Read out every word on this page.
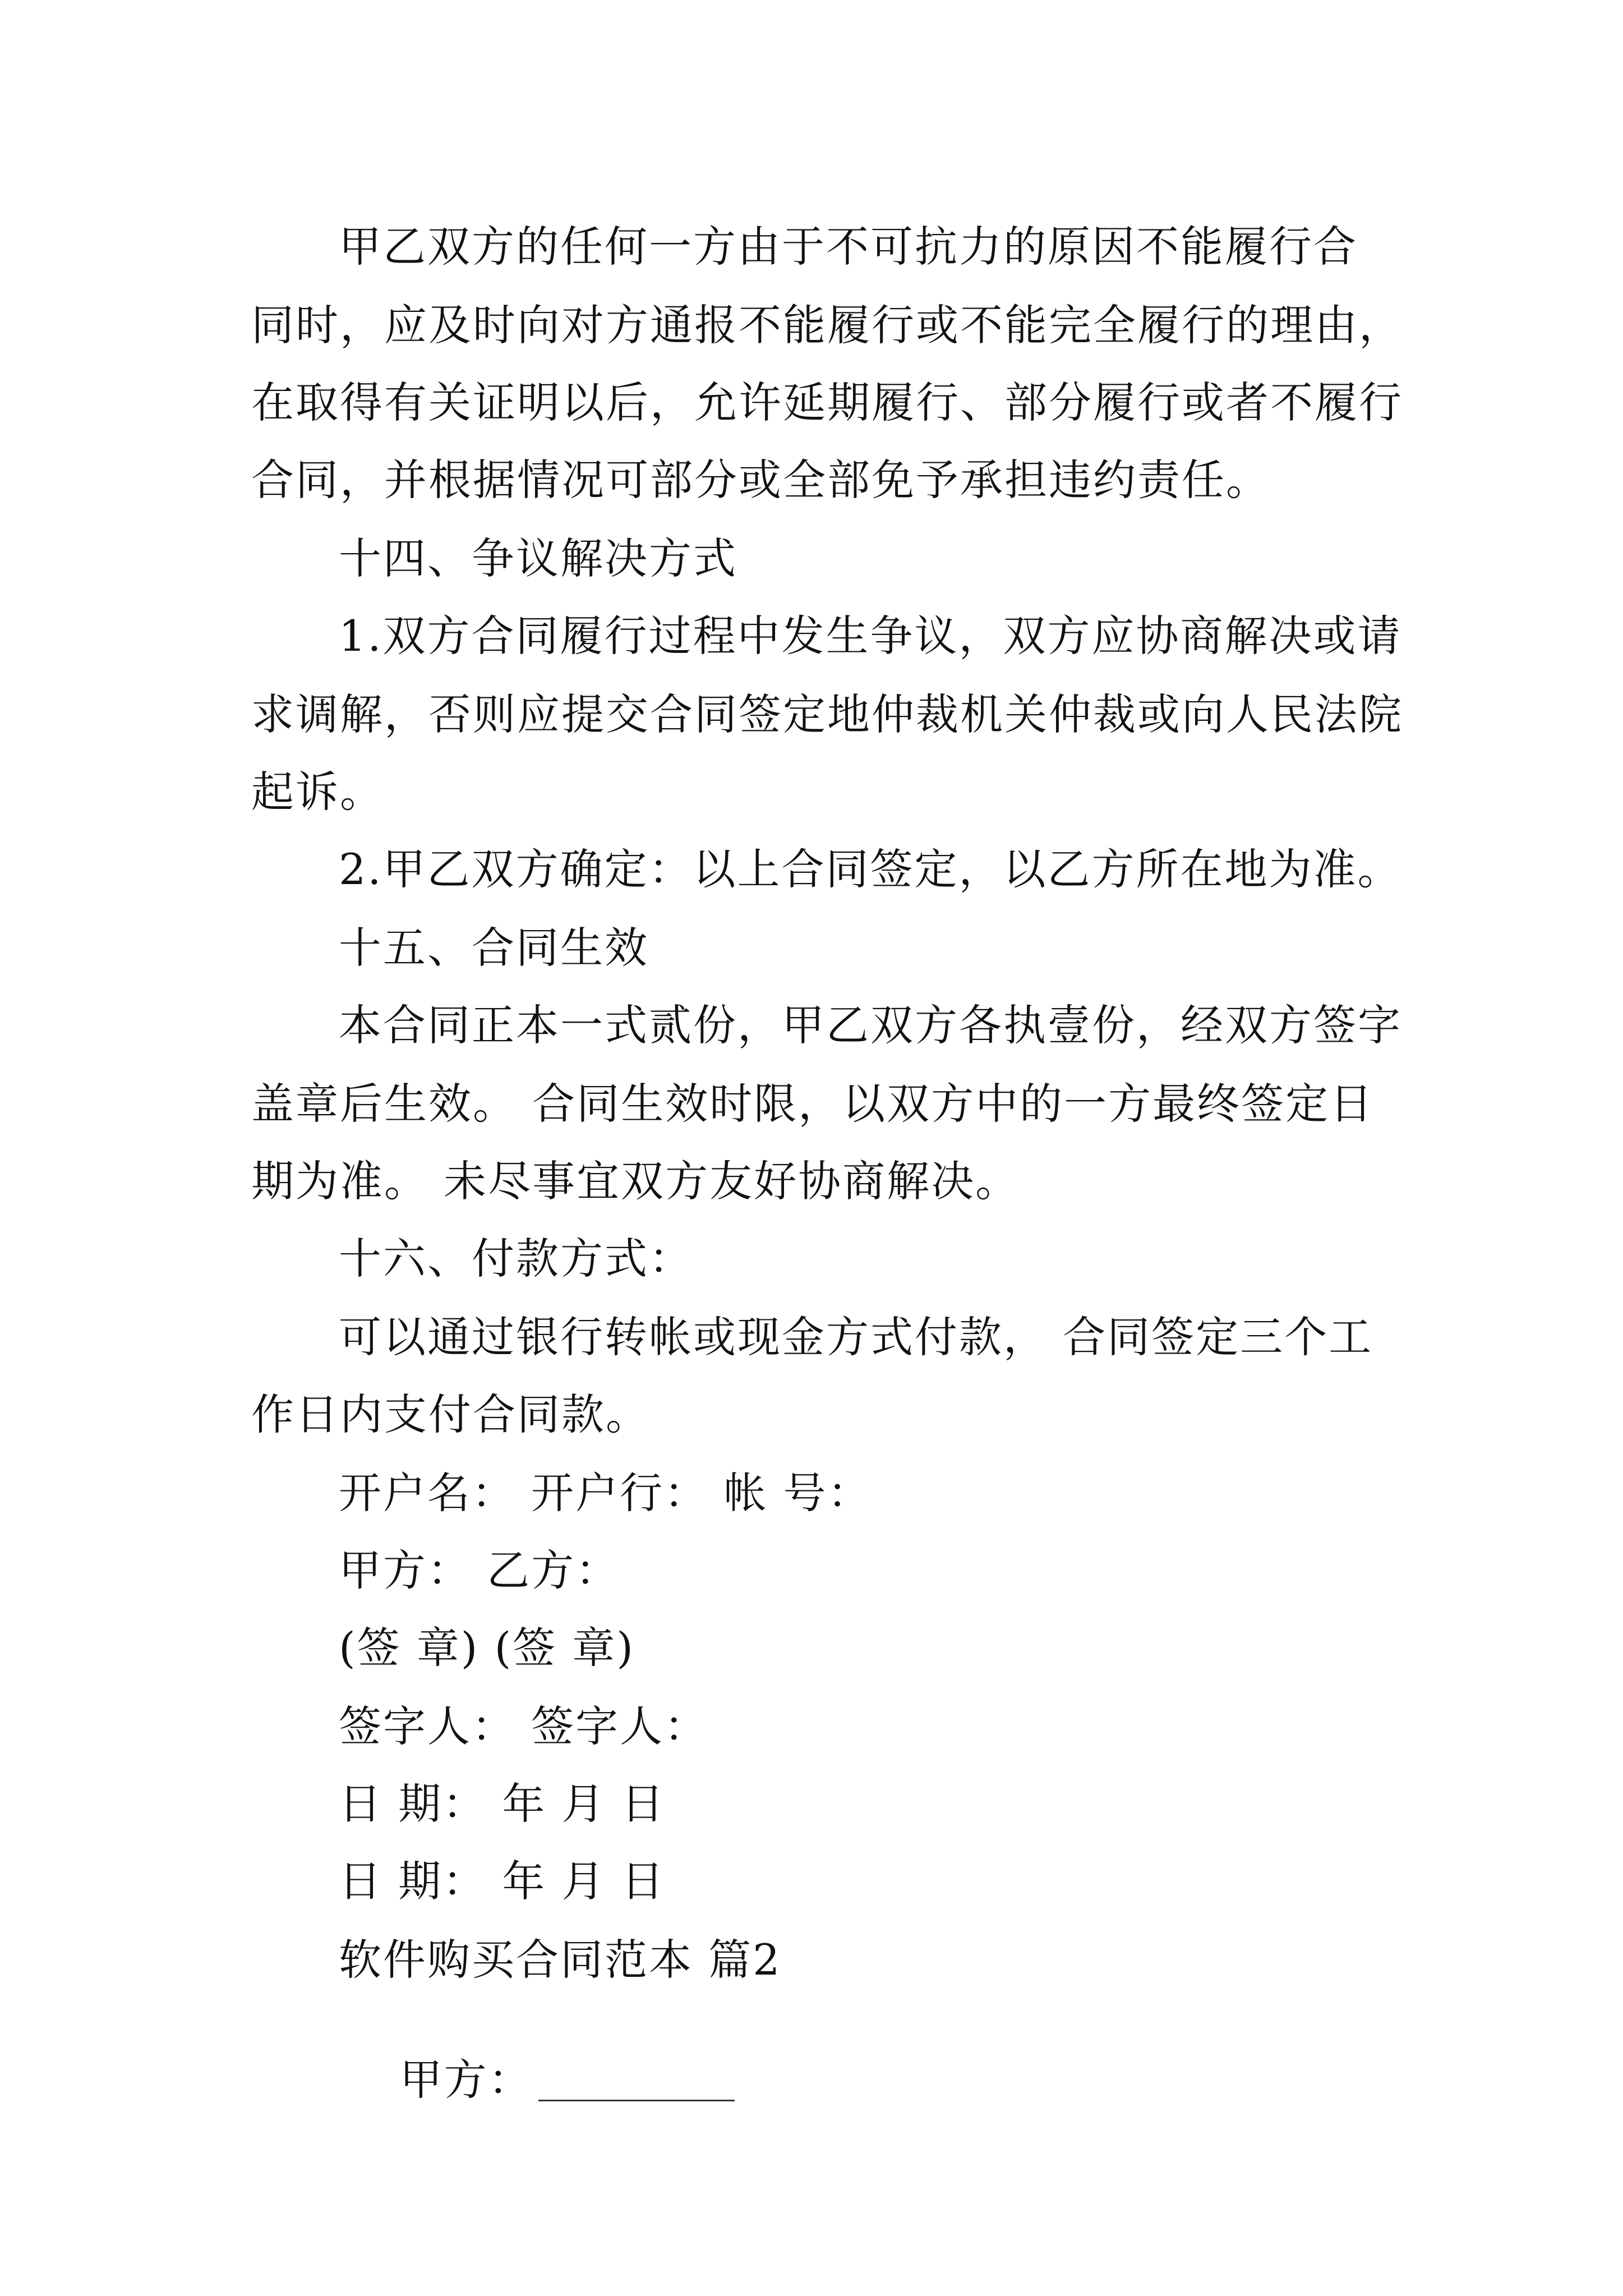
甲乙双方的任何一方由于不可抗力的原因不能履行合
同时，应及时向对方通报不能履行或不能完全履行的理由，
在取得有关证明以后，允许延期履行、部分履行或者不履行
合同，并根据情况可部分或全部免予承担违约责任。
十四、争议解决方式
1.双方合同履行过程中发生争议，双方应协商解决或请
求调解，否则应提交合同签定地仲裁机关仲裁或向人民法院
起诉。
2.甲乙双方确定：以上合同签定，以乙方所在地为准。
十五、合同生效
本合同正本一式贰份，甲乙双方各执壹份，经双方签字
盖章后生效。 合同生效时限，以双方中的一方最终签定日
期为准。 未尽事宜双方友好协商解决。
十六、付款方式：
可以通过银行转帐或现金方式付款， 合同签定三个工
作日内支付合同款。
开户名： 开户行： 帐 号：
甲方： 乙方：
(签 章) (签 章)
签字人： 签字人：
日 期： 年 月 日
日 期： 年 月 日
软件购买合同范本 篇2

甲方：
